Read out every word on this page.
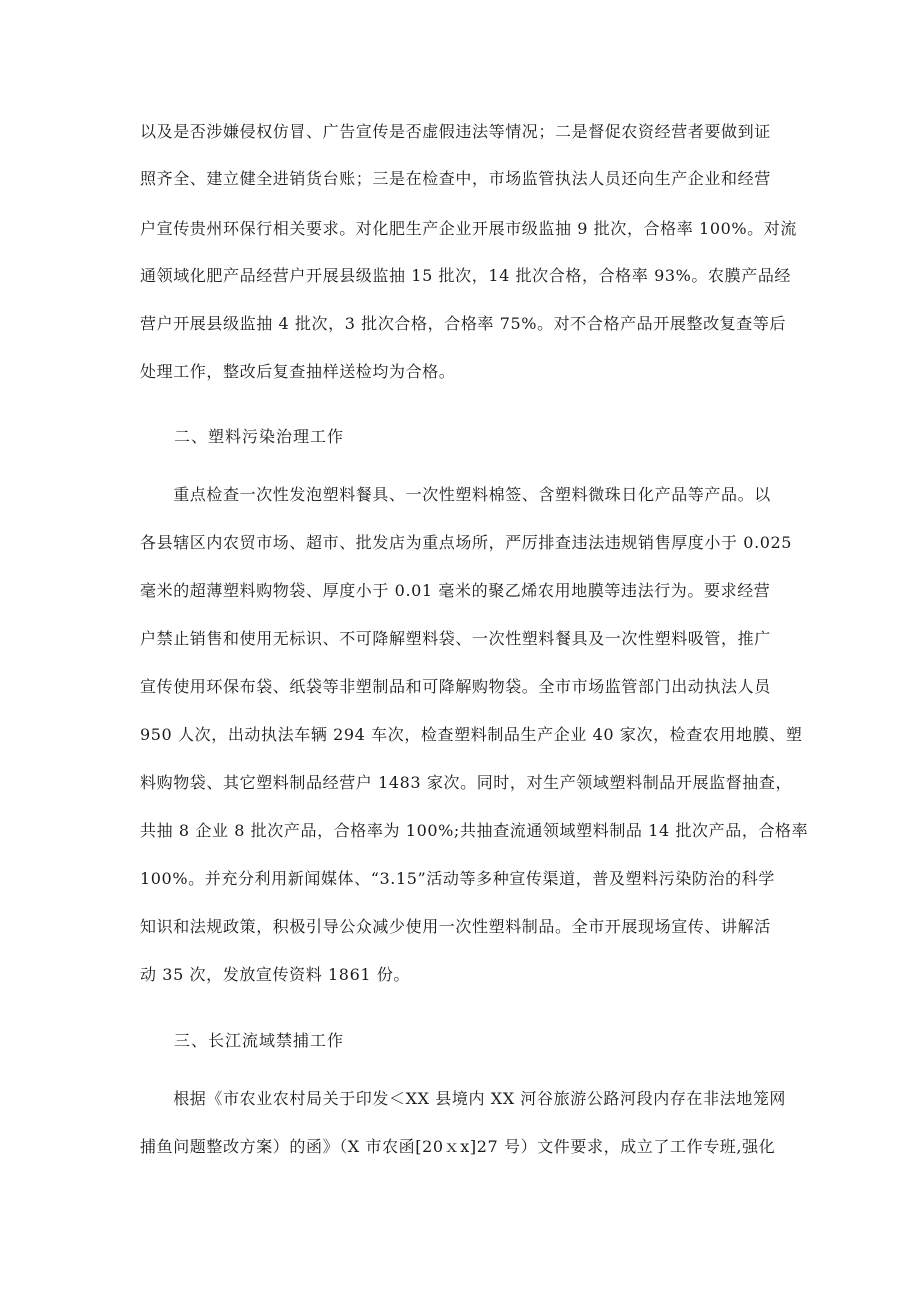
以及是否涉嫌侵权仿冒、广告宣传是否虚假违法等情况；二是督促农资经营者要做到证
照齐全、建立健全进销货台账；三是在检查中，市场监管执法人员还向生产企业和经营
户宣传贵州环保行相关要求。对化肥生产企业开展市级监抽 9 批次，合格率 100%。对流
通领域化肥产品经营户开展县级监抽 15 批次，14 批次合格，合格率 93%。农膜产品经
营户开展县级监抽 4 批次，3 批次合格，合格率 75%。对不合格产品开展整改复查等后
处理工作，整改后复查抽样送检均为合格。
二、塑料污染治理工作
　　重点检查一次性发泡塑料餐具、一次性塑料棉签、含塑料微珠日化产品等产品。以
各县辖区内农贸市场、超市、批发店为重点场所，严厉排查违法违规销售厚度小于 0.025
毫米的超薄塑料购物袋、厚度小于 0.01 毫米的聚乙烯农用地膜等违法行为。要求经营
户禁止销售和使用无标识、不可降解塑料袋、一次性塑料餐具及一次性塑料吸管，推广
宣传使用环保布袋、纸袋等非塑制品和可降解购物袋。全市市场监管部门出动执法人员
950 人次，出动执法车辆 294 车次，检查塑料制品生产企业 40 家次，检查农用地膜、塑
料购物袋、其它塑料制品经营户 1483 家次。同时，对生产领域塑料制品开展监督抽查，
共抽 8 企业 8 批次产品，合格率为 100%;共抽查流通领域塑料制品 14 批次产品，合格率
100%。并充分利用新闻媒体、“3.15”活动等多种宣传渠道，普及塑料污染防治的科学
知识和法规政策，积极引导公众减少使用一次性塑料制品。全市开展现场宣传、讲解活
动 35 次，发放宣传资料 1861 份。
三、长江流域禁捕工作
　　根据《市农业农村局关于印发＜XX 县境内 XX 河谷旅游公路河段内存在非法地笼网
捕鱼问题整改方案）的函》（X 市农函[20ｘx]27 号）文件要求，成立了工作专班,强化
